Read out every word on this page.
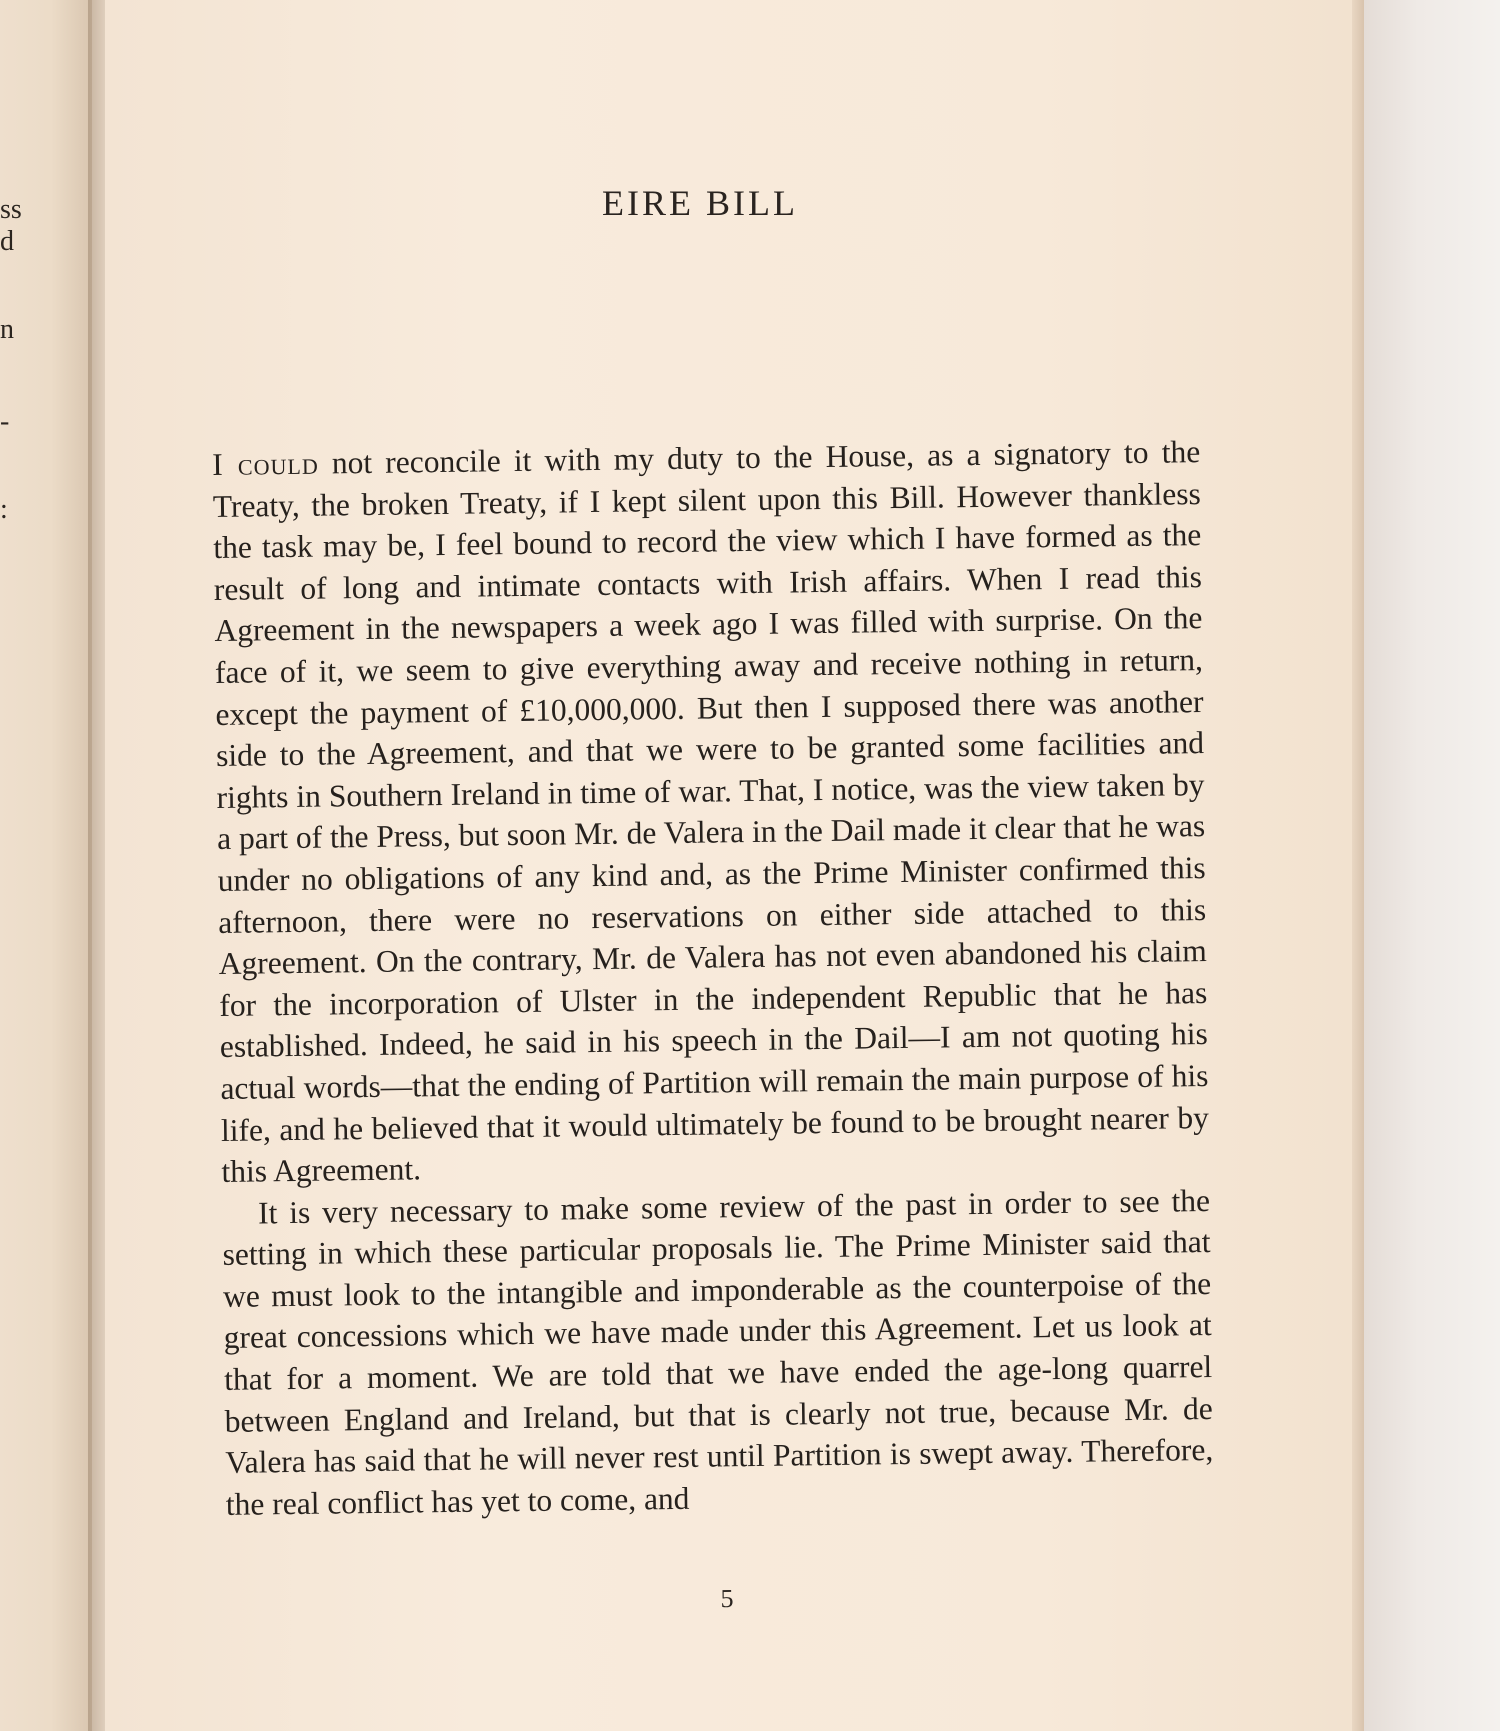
ss
d
n
-
:
EIRE BILL

I could not reconcile it with my duty to the House, as a signatory to the Treaty, the broken Treaty, if I kept silent upon this Bill. However thankless the task may be, I feel bound to record the view which I have formed as the result of long and intimate contacts with Irish affairs. When I read this Agreement in the newspapers a week ago I was filled with surprise. On the face of it, we seem to give everything away and receive nothing in return, except the payment of £10,000,000. But then I supposed there was another side to the Agreement, and that we were to be granted some facilities and rights in Southern Ireland in time of war. That, I notice, was the view taken by a part of the Press, but soon Mr. de Valera in the Dail made it clear that he was under no obligations of any kind and, as the Prime Minister confirmed this afternoon, there were no reservations on either side attached to this Agreement. On the contrary, Mr. de Valera has not even abandoned his claim for the incorporation of Ulster in the independent Republic that he has established. Indeed, he said in his speech in the Dail—I am not quoting his actual words—that the ending of Partition will remain the main purpose of his life, and he believed that it would ultimately be found to be brought nearer by this Agreement.

It is very necessary to make some review of the past in order to see the setting in which these particular proposals lie. The Prime Minister said that we must look to the intangible and imponderable as the counterpoise of the great concessions which we have made under this Agreement. Let us look at that for a moment. We are told that we have ended the age-long quarrel between England and Ireland, but that is clearly not true, because Mr. de Valera has said that he will never rest until Partition is swept away. Therefore, the real conflict has yet to come, and

5
